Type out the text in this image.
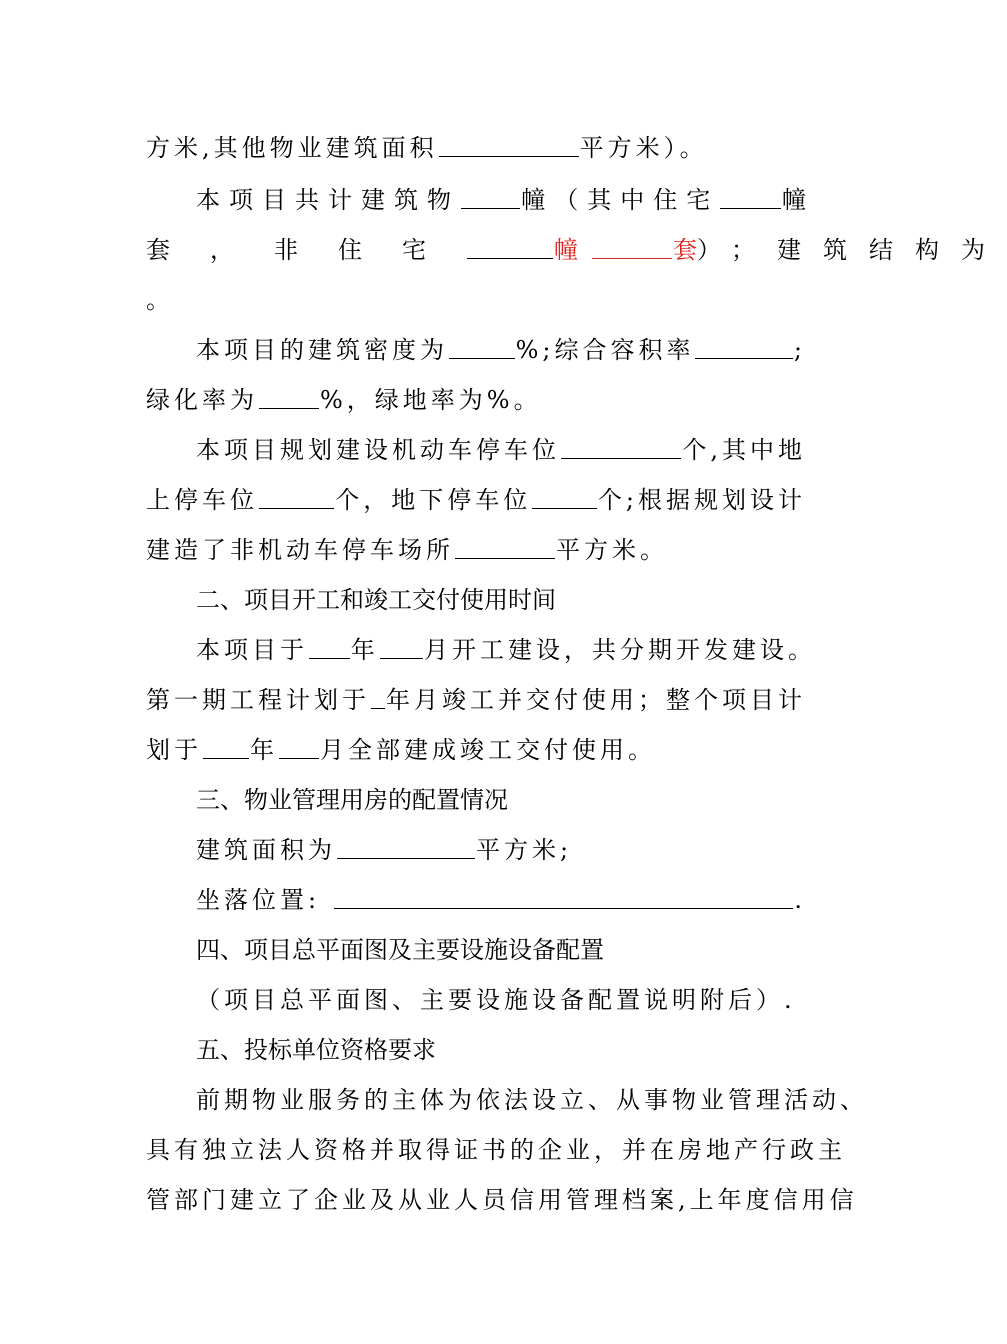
方米,其他物业建筑面积	平方米）。
本项目共计建筑物	幢（其中住宅	幢
套，非住宅	幢	套 ）；建筑结构为
。
本项目的建筑密度为	%;综合容积率	;
绿化率为	%，绿地率为%。
本项目规划建设机动车停车位	个,其中地
上停车位	个，地下停车位	个;根据规划设计
建造了非机动车停车场所	平方米。
二、项目开工和竣工交付使用时间
本项目于 年 月开工建设，共分期开发建设。
第一期工程计划于 年月竣工并交付使用；整个项目计
划于 年 月全部建成竣工交付使用。
三、物业管理用房的配置情况
建筑面积为	平方米;
坐落位置:	.
四、项目总平面图及主要设施设备配置
（项目总平面图、主要设施设备配置说明附后）.
五、投标单位资格要求
前期物业服务的主体为依法设立、从事物业管理活动、
具有独立法人资格并取得证书的企业，并在房地产行政主
管部门建立了企业及从业人员信用管理档案,上年度信用信
